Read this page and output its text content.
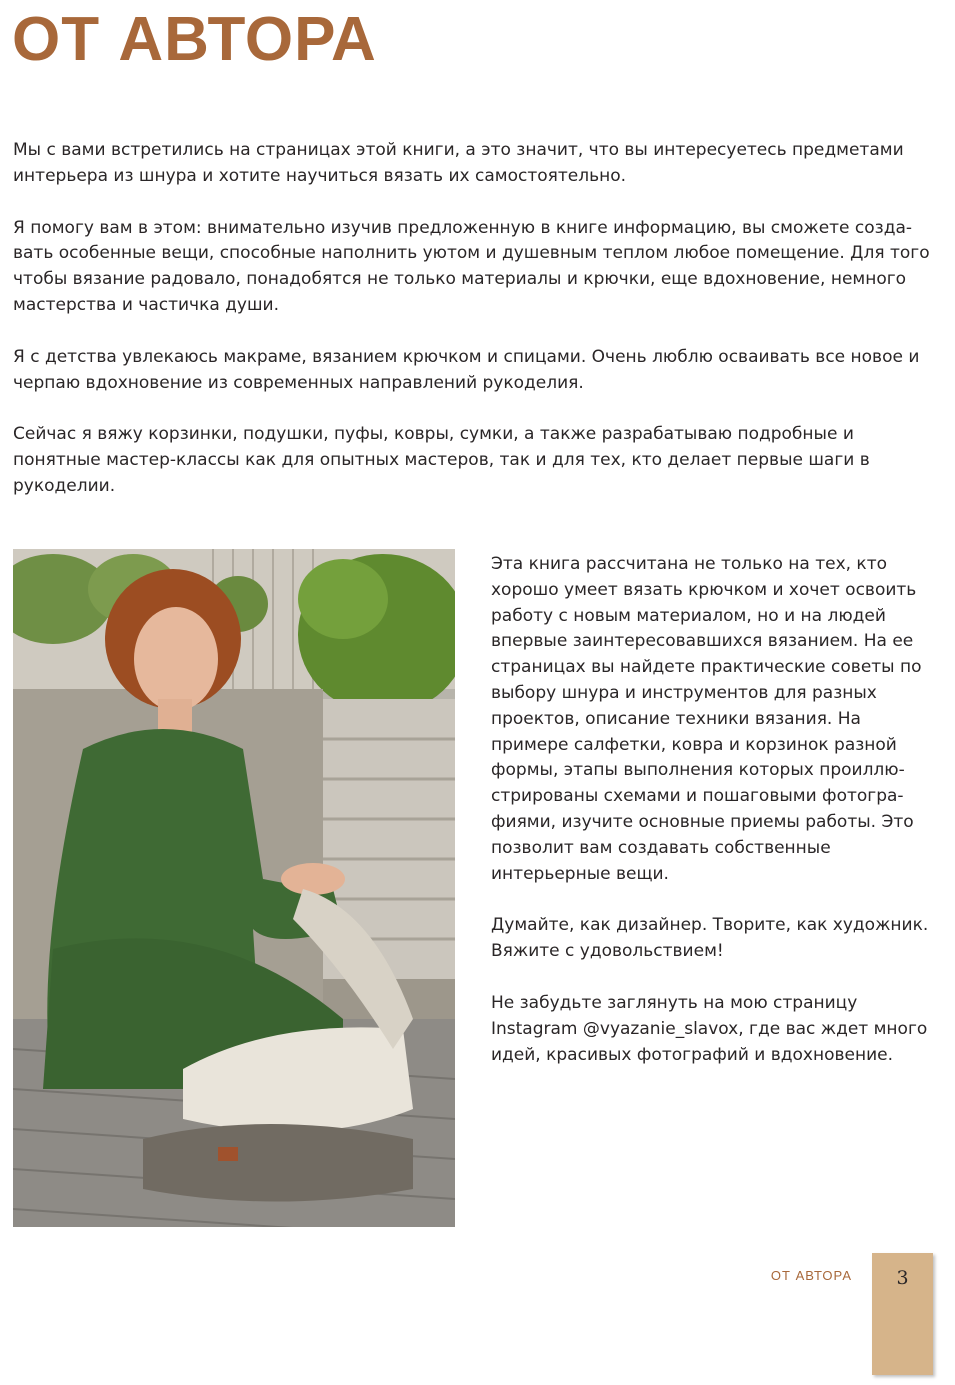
ОТ АВТОРА

Мы с вами встретились на страницах этой книги, а это значит, что вы интересуетесь предметами интерьера из шнура и хотите научиться вязать их самостоятельно.

Я помогу вам в этом: внимательно изучив предложенную в книге информацию, вы сможете созда-вать особенные вещи, способные наполнить уютом и душевным теплом любое помещение. Для того чтобы вязание радовало, понадобятся не только материалы и крючки, еще вдохновение, немного мастерства и частичка души.

Я с детства увлекаюсь макраме, вязанием крючком и спицами. Очень люблю осваивать все новое и черпаю вдохновение из современных направлений рукоделия.

Сейчас я вяжу корзинки, подушки, пуфы, ковры, сумки, а также разрабатываю подробные и понятные мастер-классы как для опытных мастеров, так и для тех, кто делает первые шаги в рукоделии.

Эта книга рассчитана не только на тех, кто хорошо умеет вязать крючком и хочет освоить работу с новым материалом, но и на людей впервые заинтересовавшихся вязанием. На ее страницах вы найдете практические советы по выбору шнура и инструментов для разных проектов, описание техники вязания. На примере салфетки, ковра и корзинок разной формы, этапы выполнения которых проиллю-стрированы схемами и пошаговыми фотогра-фиями, изучите основные приемы работы. Это позволит вам создавать собственные интерьерные вещи.

Думайте, как дизайнер. Творите, как художник. Вяжите с удовольствием!

Не забудьте заглянуть на мою страницу Instagram @vyazanie_slavox, где вас ждет много идей, красивых фотографий и вдохновение.

ОТ АВТОРА	3
